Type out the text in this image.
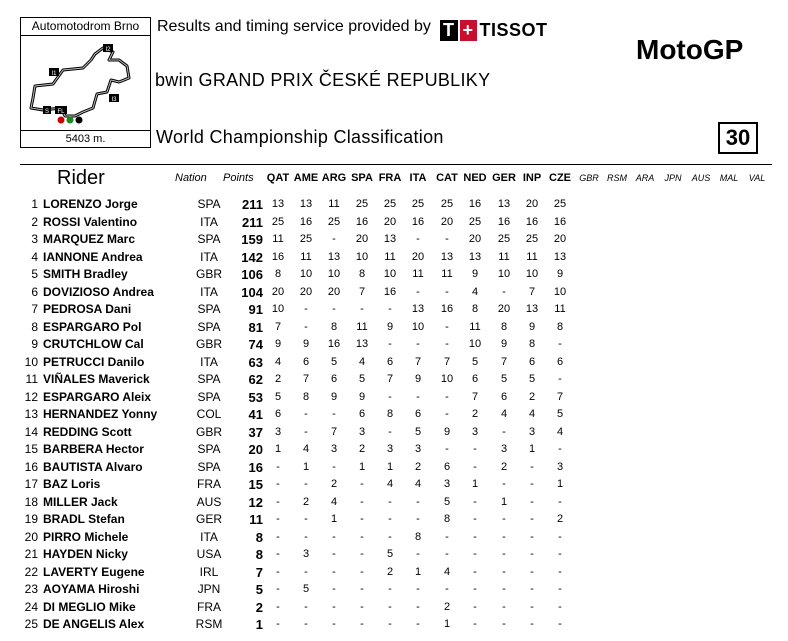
Automotodrom Brno
I1
I2
I3
S FL
5403 m.
Results and timing service provided by T + TISSOT
MotoGP
bwin GRAND PRIX ČESKÉ REPUBLIKY
World Championship Classification	30
Rider	Nation Points QAT AME ARG SPA FRA ITA CAT NED GER INP CZE GBR RSM ARA	JPN	AUS	MAL	VAL
1 LORENZO Jorge	SPA	211 13	13	11	25	25	25	25	16	13	20	25
2 ROSSI Valentino	ITA	211 25	16	25	16	20	16	20	25	16	16	16
3 MARQUEZ Marc	SPA	159 11	25	-	20	13	-	-	20	25	25	20
4 IANNONE Andrea	ITA	142 16	11	13	10	11	20	13	13	11	11	13
5 SMITH Bradley	GBR	106	8	10	10	8	10	11	11	9	10	10	9
6 DOVIZIOSO Andrea	ITA	104 20	20	20	7	16	-	-	4	-	7	10
7 PEDROSA Dani	SPA	91 10	-	-	-	-	13	16	8	20	13	11
8 ESPARGARO Pol	SPA	81	7	-	8	11	9	10	-	11	8	9	8
9 CRUTCHLOW Cal	GBR	74	9	9	16	13	-	-	-	10	9	8	-
10 PETRUCCI Danilo	ITA	63	4	6	5	4	6	7	7	5	7	6	6
11 VIÑALES Maverick	SPA	62	2	7	6	5	7	9	10	6	5	5	-
12 ESPARGARO Aleix	SPA	53	5	8	9	9	-	-	-	7	6	2	7
13 HERNANDEZ Yonny	COL	41	6	-	-	6	8	6	-	2	4	4	5
14 REDDING Scott	GBR	37	3	-	7	3	-	5	9	3	-	3	4
15 BARBERA Hector	SPA	20	1	4	3	2	3	3	-	-	3	1	-
16 BAUTISTA Alvaro	SPA	16	-	1	-	1	1	2	6	-	2	-	3
17 BAZ Loris	FRA	15	-	-	2	-	4	4	3	1	-	-	1
18 MILLER Jack	AUS	12	-	2	4	-	-	-	5	-	1	-	-
19 BRADL Stefan	GER	11	-	-	1	-	-	-	8	-	-	-	2
20 PIRRO Michele	ITA	8	-	-	-	-	-	8	-	-	-	-	-
21 HAYDEN Nicky	USA	8	-	3	-	-	5	-	-	-	-	-	-
22 LAVERTY Eugene	IRL	7	-	-	-	-	2	1	4	-	-	-	-
23 AOYAMA Hiroshi	JPN	5	-	5	-	-	-	-	-	-	-	-	-
24 DI MEGLIO Mike	FRA	2	-	-	-	-	-	-	2	-	-	-	-
25 DE ANGELIS Alex	RSM	1	-	-	-	-	-	-	1	-	-	-	-
